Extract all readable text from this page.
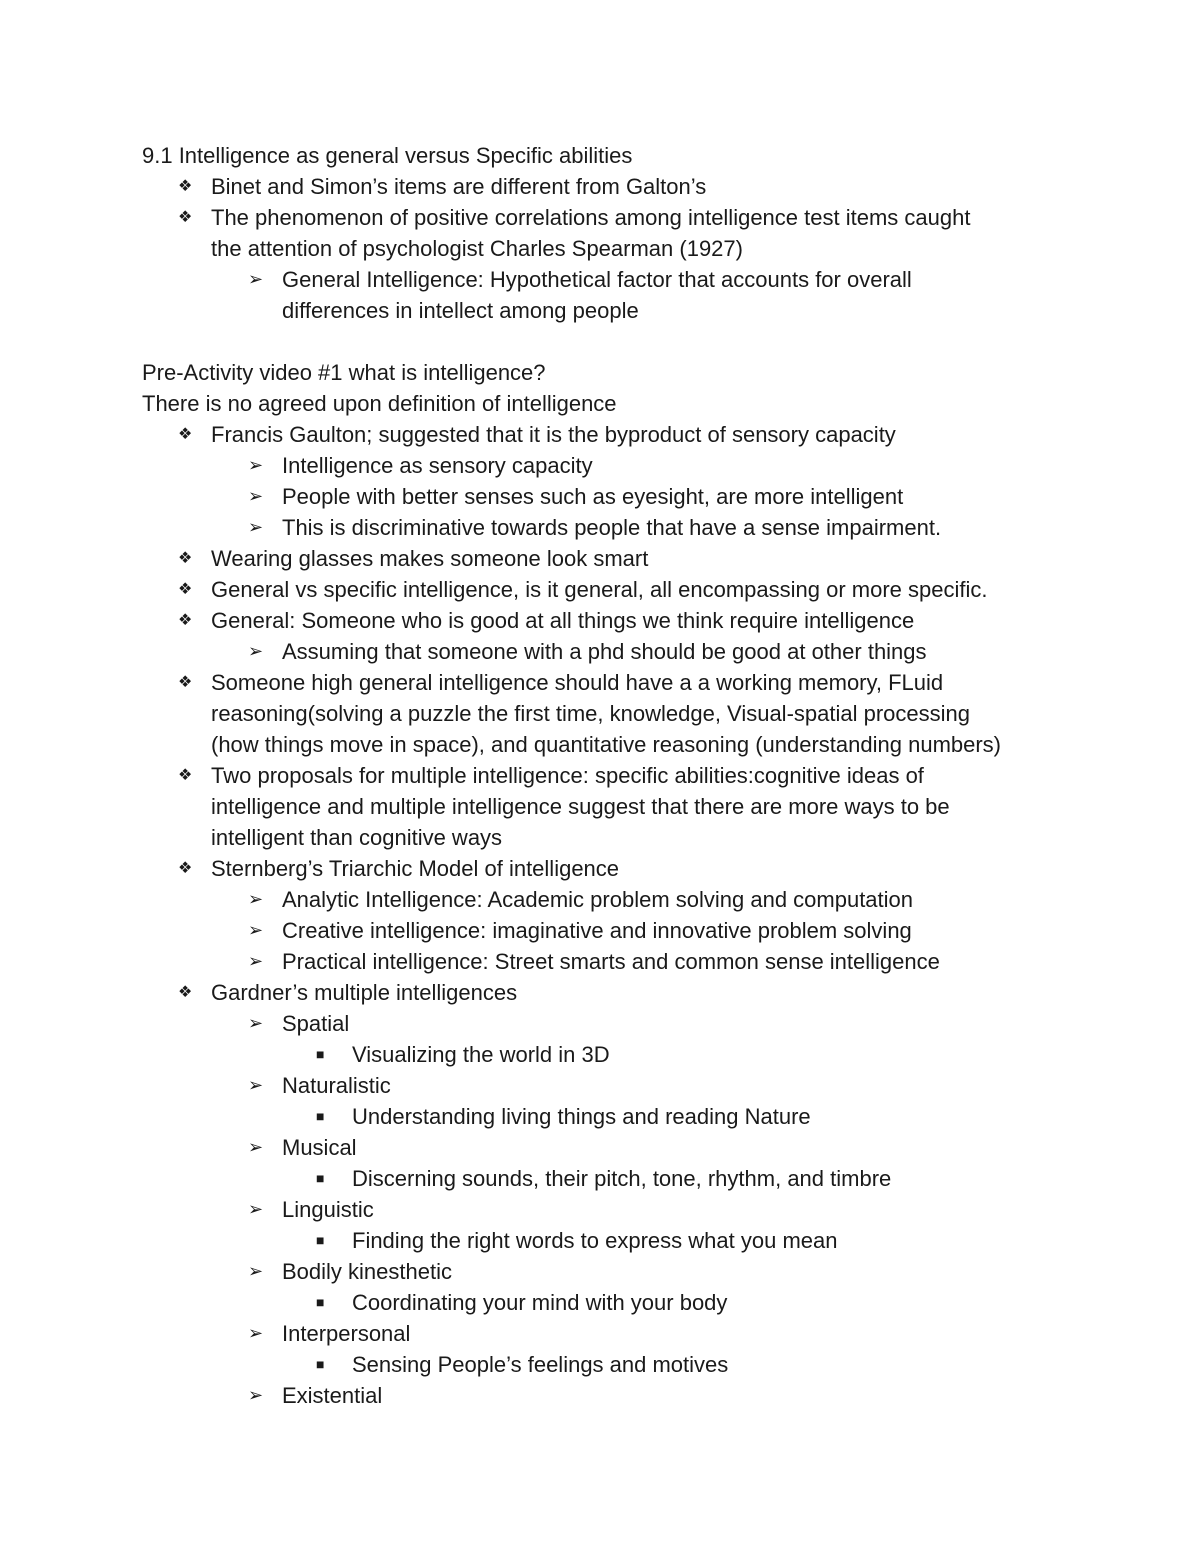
9.1 Intelligence as general versus Specific abilities
❖ Binet and Simon’s items are different from Galton’s
❖ The phenomenon of positive correlations among intelligence test items caught
the attention of psychologist Charles Spearman (1927)
➢ General Intelligence: Hypothetical factor that accounts for overall
differences in intellect among people
Pre-Activity video #1 what is intelligence?
There is no agreed upon definition of intelligence
❖ Francis Gaulton; suggested that it is the byproduct of sensory capacity
➢ Intelligence as sensory capacity
➢ People with better senses such as eyesight, are more intelligent
➢ This is discriminative towards people that have a sense impairment.
❖ Wearing glasses makes someone look smart
❖ General vs specific intelligence, is it general, all encompassing or more specific.
❖ General: Someone who is good at all things we think require intelligence
➢ Assuming that someone with a phd should be good at other things
❖ Someone high general intelligence should have a a working memory, FLuid
reasoning(solving a puzzle the first time, knowledge, Visual-spatial processing
(how things move in space), and quantitative reasoning (understanding numbers)
❖ Two proposals for multiple intelligence: specific abilities:cognitive ideas of
intelligence and multiple intelligence suggest that there are more ways to be
intelligent than cognitive ways
❖ Sternberg’s Triarchic Model of intelligence
➢ Analytic Intelligence: Academic problem solving and computation
➢ Creative intelligence: imaginative and innovative problem solving
➢ Practical intelligence: Street smarts and common sense intelligence
❖ Gardner’s multiple intelligences
➢ Spatial
■ Visualizing the world in 3D
➢ Naturalistic
■ Understanding living things and reading Nature
➢ Musical
■ Discerning sounds, their pitch, tone, rhythm, and timbre
➢ Linguistic
■ Finding the right words to express what you mean
➢ Bodily kinesthetic
■ Coordinating your mind with your body
➢ Interpersonal
■ Sensing People’s feelings and motives
➢ Existential
